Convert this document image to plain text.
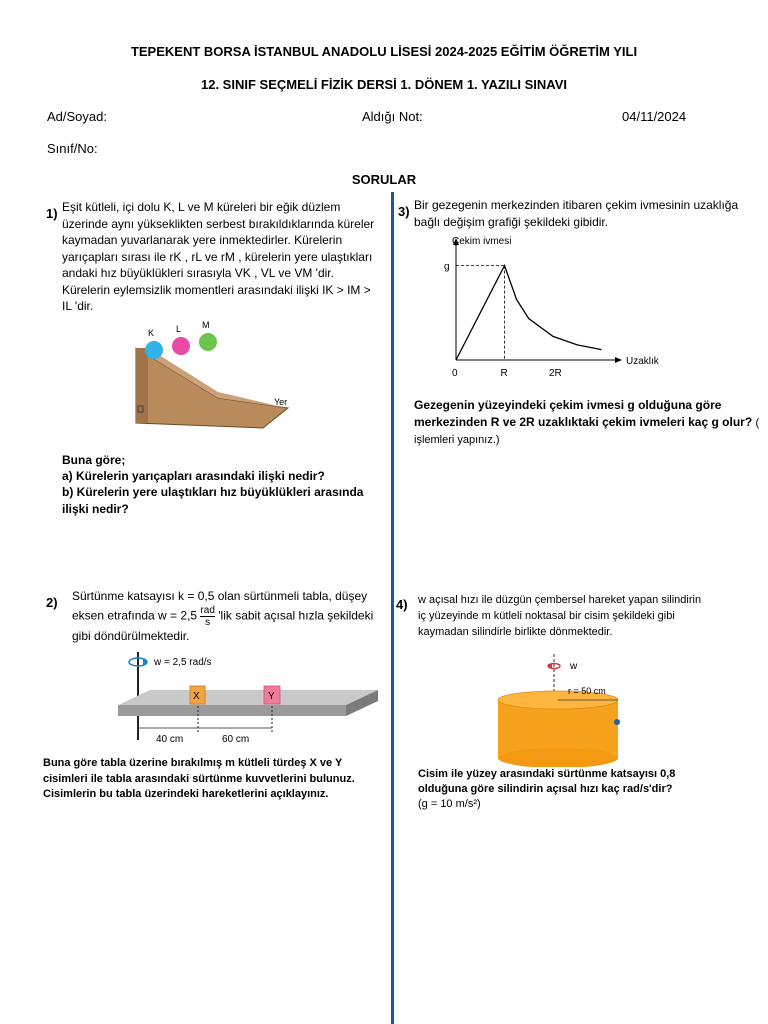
TEPEKENT BORSA İSTANBUL ANADOLU LİSESİ 2024-2025 EĞİTİM ÖĞRETİM YILI
12. SINIF SEÇMELİ FİZİK DERSİ 1. DÖNEM 1. YAZILI SINAVI
Ad/Soyad:	Aldığı Not:	04/11/2024
Sınıf/No:
SORULAR
1) Eşit kütleli, içi dolu K, L ve M küreleri bir eğik düzlem üzerinde aynı yükseklikten serbest bırakıldıklarında küreler kaymadan yuvarlanarak yere inmektedirler. Kürelerin yarıçapları sırası ile rK , rL ve rM , kürelerin yere ulaştıkları andaki hız büyüklükleri sırasıyla VK , VL ve VM 'dir. Kürelerin eylemsizlik momentleri arasındaki ilişki IK > IM > IL 'dir.
K L M
Yer
Buna göre;
a) Kürelerin yarıçapları arasındaki ilişki nedir?
b) Kürelerin yere ulaştıkları hız büyüklükleri arasında ilişki nedir?
2) Sürtünme katsayısı k = 0,5 olan sürtünmeli tabla, düşey eksen etrafında w = 2,5 rad
s 'lik sabit açısal hızla şekildeki gibi döndürülmektedir.
w = 2,5 rad/s
X	Y
40 cm	60 cm
Buna göre tabla üzerine bırakılmış m kütleli türdeş X ve Y cisimleri ile tabla arasındaki sürtünme kuvvetlerini bulunuz. Cisimlerin bu tabla üzerindeki hareketlerini açıklayınız.
3) Bir gezegenin merkezinden itibaren çekim ivmesinin uzaklığa bağlı değişim grafiği şekildeki gibidir.
Çekim ivmesi
Uzaklık
0	R	2R
g
Gezegenin yüzeyindeki çekim ivmesi g olduğuna göre merkezinden R ve 2R uzaklıktaki çekim ivmeleri kaç g olur? ( işlemleri yapınız.)
4) w açısal hızı ile düzgün çembersel hareket yapan silindirin iç yüzeyinde m kütleli noktasal bir cisim şekildeki gibi kaymadan silindirle birlikte dönmektedir.
w
r = 50 cm
Cisim ile yüzey arasındaki sürtünme katsayısı 0,8 olduğuna göre silindirin açısal hızı kaç rad/s'dir?
(g = 10 m/s²)
